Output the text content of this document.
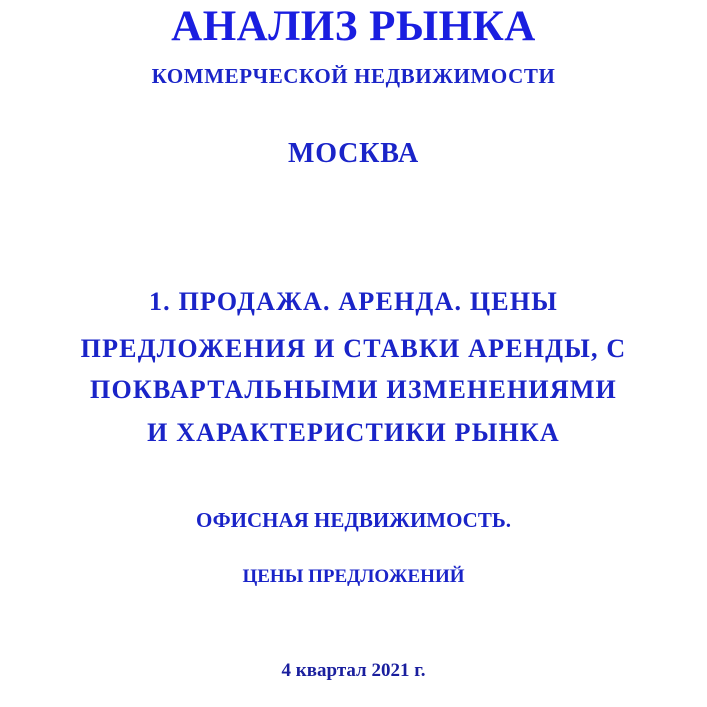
АНАЛИЗ РЫНКА
КОММЕРЧЕСКОЙ НЕДВИЖИМОСТИ
МОСКВА
1. ПРОДАЖА. АРЕНДА. ЦЕНЫ
ПРЕДЛОЖЕНИЯ И СТАВКИ АРЕНДЫ, С
ПОКВАРТАЛЬНЫМИ ИЗМЕНЕНИЯМИ
И ХАРАКТЕРИСТИКИ РЫНКА
ОФИСНАЯ НЕДВИЖИМОСТЬ.
ЦЕНЫ ПРЕДЛОЖЕНИЙ
4 квартал 2021 г.
